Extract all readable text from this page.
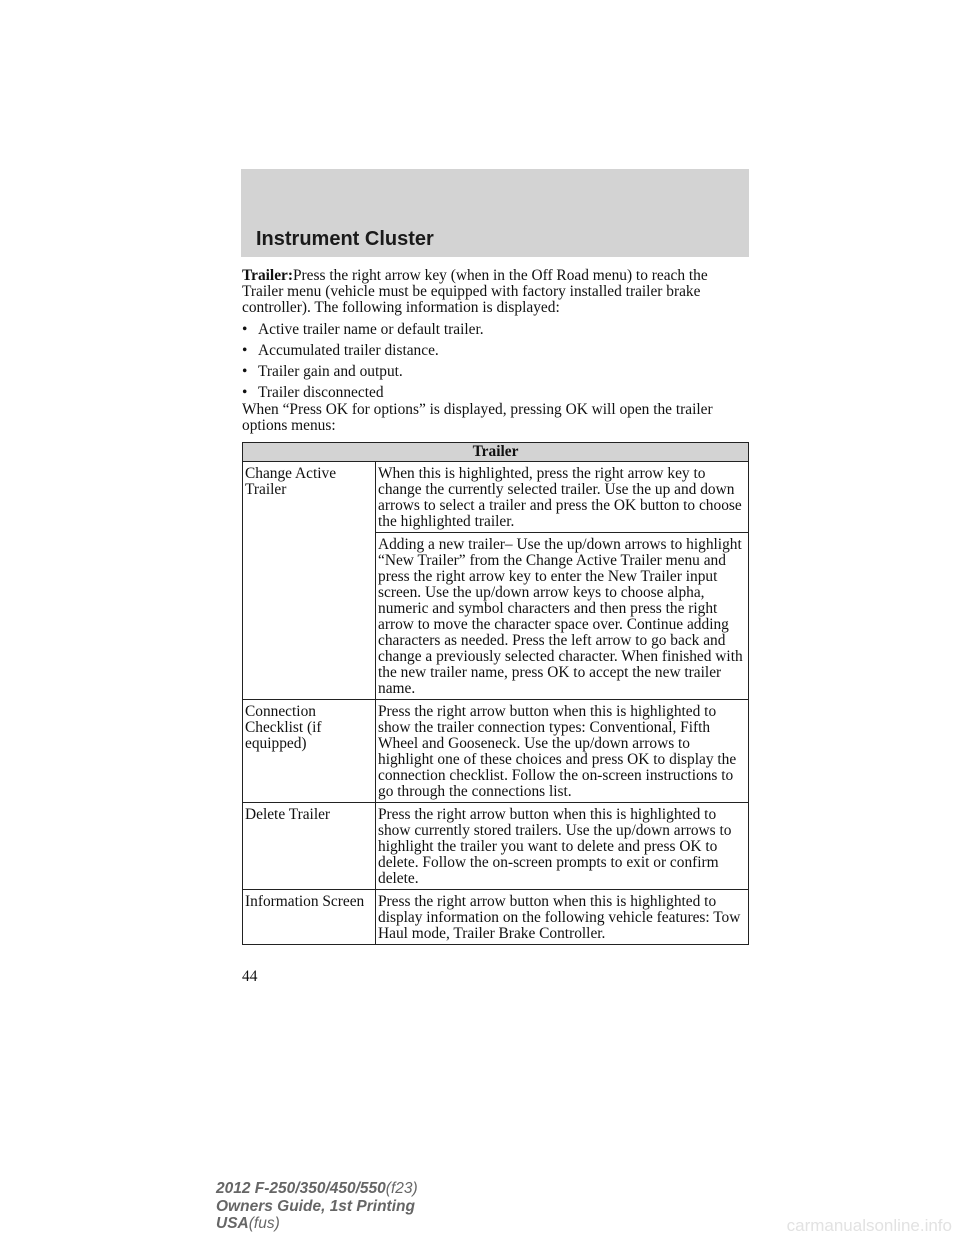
Instrument Cluster

Trailer:Press the right arrow key (when in the Off Road menu) to reach the Trailer menu (vehicle must be equipped with factory installed trailer brake controller). The following information is displayed:

• Active trailer name or default trailer.
• Accumulated trailer distance.
• Trailer gain and output.
• Trailer disconnected

When “Press OK for options” is displayed, pressing OK will open the trailer options menus:

Trailer	
Change Active Trailer	When this is highlighted, press the right arrow key to change the currently selected trailer. Use the up and down arrows to select a trailer and press the OK button to choose the highlighted trailer.
	Adding a new trailer– Use the up/down arrows to highlight “New Trailer” from the Change Active Trailer menu and press the right arrow key to enter the New Trailer input screen. Use the up/down arrow keys to choose alpha, numeric and symbol characters and then press the right arrow to move the character space over. Continue adding characters as needed. Press the left arrow to go back and change a previously selected character. When finished with the new trailer name, press OK to accept the new trailer name.
Connection Checklist (if equipped)	Press the right arrow button when this is highlighted to show the trailer connection types: Conventional, Fifth Wheel and Gooseneck. Use the up/down arrows to highlight one of these choices and press OK to display the connection checklist. Follow the on-screen instructions to go through the connections list.
Delete Trailer	Press the right arrow button when this is highlighted to show currently stored trailers. Use the up/down arrows to highlight the trailer you want to delete and press OK to delete. Follow the on-screen prompts to exit or confirm delete.
Information Screen	Press the right arrow button when this is highlighted to display information on the following vehicle features: Tow Haul mode, Trailer Brake Controller.
44
2012 F-250/350/450/550(f23)
Owners Guide, 1st Printing
USA(fus)	carmanualsonline.info
